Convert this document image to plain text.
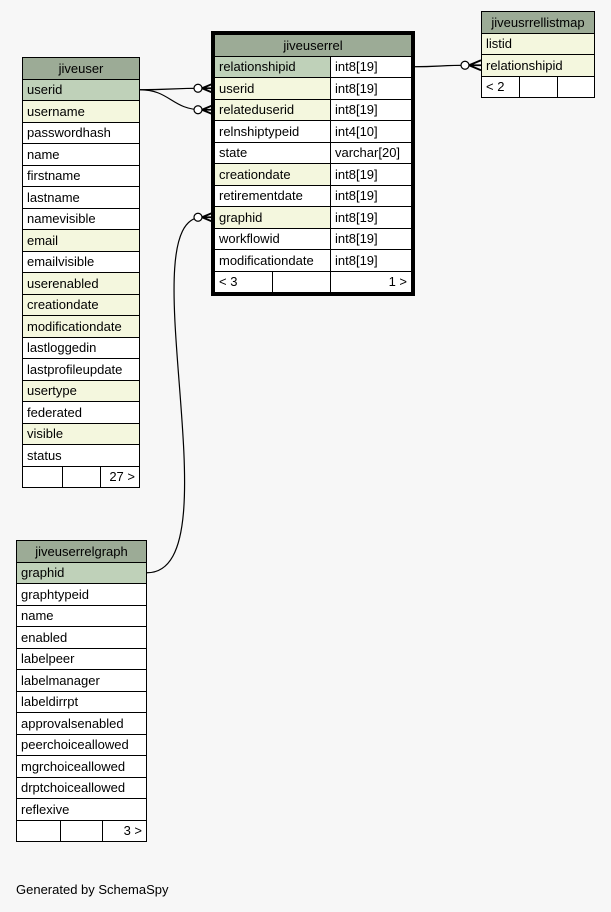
jiveuser
userid
username
passwordhash
name
firstname
lastname
namevisible
email
emailvisible
userenabled
creationdate
modificationdate
lastloggedin
lastprofileupdate
usertype
federated
visible
status
		27 >
jiveuserrel		
relationshipid		int8[19]
userid		int8[19]
relateduserid		int8[19]
relnshiptypeid		int4[10]
state		varchar[20]
creationdate		int8[19]
retirementdate		int8[19]
graphid		int8[19]
workflowid		int8[19]
modificationdate		int8[19]
< 3		1 >
jiveusrrellistmap
listid
relationshipid
< 2		
jiveuserrelgraph
graphid
graphtypeid
name
enabled
labelpeer
labelmanager
labeldirrpt
approvalsenabled
peerchoiceallowed
mgrchoiceallowed
drptchoiceallowed
reflexive
		3 >
Generated by SchemaSpy
